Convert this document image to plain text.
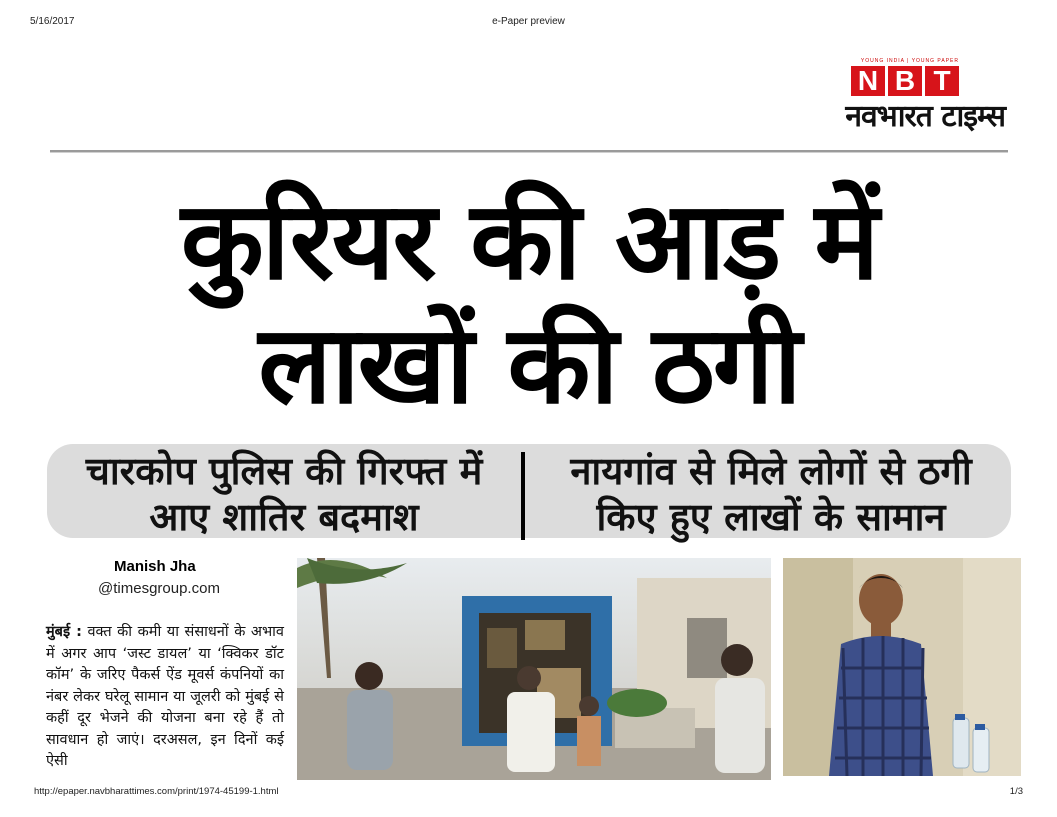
5/16/2017	e-Paper preview
YOUNG INDIA | YOUNG PAPER
N B T
नवभारत टाइम्स
कुरियर की आड़ में
लाखों की ठगी
चारकोप पुलिस की गिरफ्त में
आए शातिर बदमाश
नायगांव से मिले लोगों से ठगी
किए हुए लाखों के सामान
Manish Jha
@timesgroup.com
मुंबई : वक्त की कमी या संसाधनों के अभाव में अगर आप ‘जस्ट डायल’ या ‘क्विकर डॉट कॉम’ के जरिए पैकर्स ऐंड मूवर्स कंपनियों का नंबर लेकर घरेलू सामान या जूलरी को मुंबई से कहीं दूर भेजने की योजना बना रहे हैं तो सावधान हो जाएं। दरअसल, इन दिनों कई ऐसी
http://epaper.navbharattimes.com/print/1974-45199-1.html	1/3
